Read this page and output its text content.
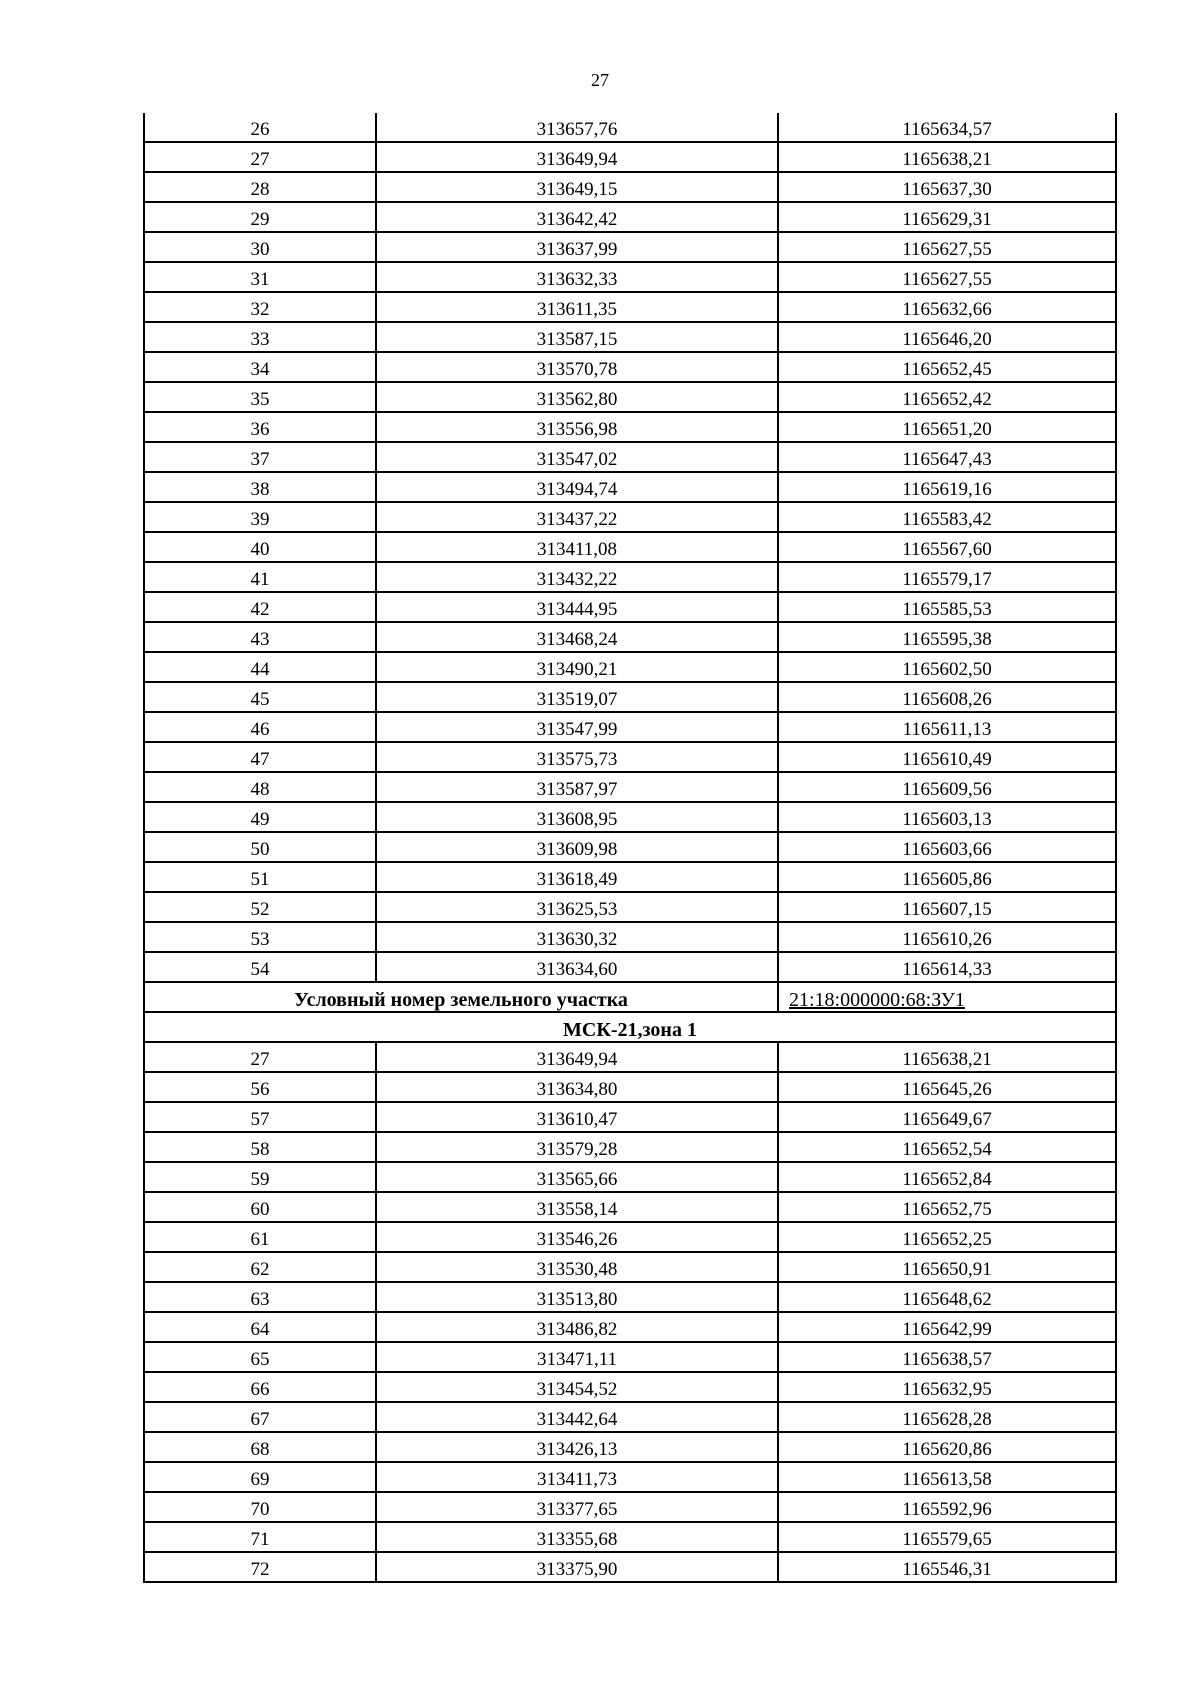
27
26	313657,76	1165634,57
27	313649,94	1165638,21
28	313649,15	1165637,30
29	313642,42	1165629,31
30	313637,99	1165627,55
31	313632,33	1165627,55
32	313611,35	1165632,66
33	313587,15	1165646,20
34	313570,78	1165652,45
35	313562,80	1165652,42
36	313556,98	1165651,20
37	313547,02	1165647,43
38	313494,74	1165619,16
39	313437,22	1165583,42
40	313411,08	1165567,60
41	313432,22	1165579,17
42	313444,95	1165585,53
43	313468,24	1165595,38
44	313490,21	1165602,50
45	313519,07	1165608,26
46	313547,99	1165611,13
47	313575,73	1165610,49
48	313587,97	1165609,56
49	313608,95	1165603,13
50	313609,98	1165603,66
51	313618,49	1165605,86
52	313625,53	1165607,15
53	313630,32	1165610,26
54	313634,60	1165614,33
Условный номер земельного участка		21:18:000000:68:ЗУ1
МСК-21,зона 1		
27	313649,94	1165638,21
56	313634,80	1165645,26
57	313610,47	1165649,67
58	313579,28	1165652,54
59	313565,66	1165652,84
60	313558,14	1165652,75
61	313546,26	1165652,25
62	313530,48	1165650,91
63	313513,80	1165648,62
64	313486,82	1165642,99
65	313471,11	1165638,57
66	313454,52	1165632,95
67	313442,64	1165628,28
68	313426,13	1165620,86
69	313411,73	1165613,58
70	313377,65	1165592,96
71	313355,68	1165579,65
72	313375,90	1165546,31
